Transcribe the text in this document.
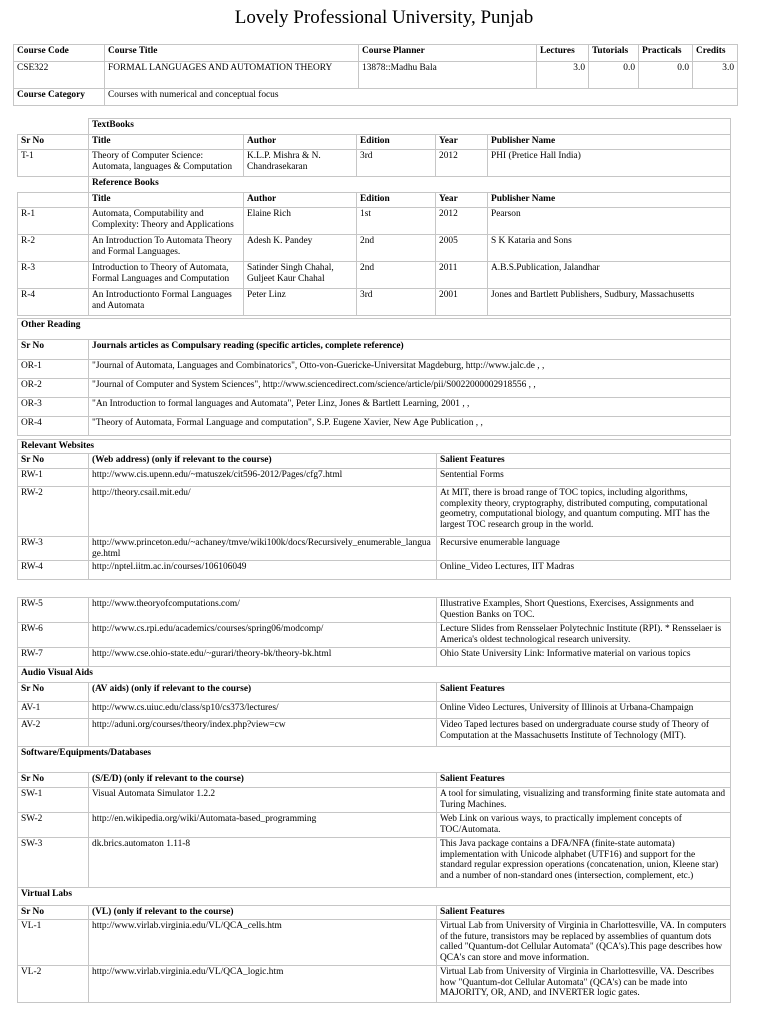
Lovely Professional University, Punjab
Course Code	Course Title	Course Planner	Lectures	Tutorials	Practicals	Credits
CSE322	FORMAL LANGUAGES AND AUTOMATION THEORY	13878::Madhu Bala	3.0	0.0	0.0	3.0
Course Category	Courses with numerical and conceptual focus					
	TextBooks				
Sr No	Title	Author	Edition	Year	Publisher Name
T-1	Theory of Computer Science: Automata, languages & Computation	K.L.P. Mishra & N. Chandrasekaran	3rd	2012	PHI (Pretice Hall India)
	Reference Books				
	Title	Author	Edition	Year	Publisher Name
R-1	Automata, Computability and Complexity: Theory and Applications	Elaine Rich	1st	2012	Pearson
R-2	An Introduction To Automata Theory and Formal Languages.	Adesh K. Pandey	2nd	2005	S K Kataria and Sons
R-3	Introduction to Theory of Automata, Formal Languages and Computation	Satinder Singh Chahal, Guljeet Kaur Chahal	2nd	2011	A.B.S.Publication, Jalandhar
R-4	An Introductionto Formal Languages and Automata	Peter Linz	3rd	2001	Jones and Bartlett Publishers, Sudbury, Massachusetts
Other Reading	
Sr No	Journals articles as Compulsary reading (specific articles, complete reference)
OR-1	"Journal of Automata, Languages and Combinatorics", Otto-von-Guericke-Universitat Magdeburg, http://www.jalc.de , ,
OR-2	"Journal of Computer and System Sciences", http://www.sciencedirect.com/science/article/pii/S0022000002918556 , ,
OR-3	"An Introduction to formal languages and Automata", Peter Linz, Jones & Bartlett Learning, 2001 , ,
OR-4	"Theory of Automata, Formal Language and computation", S.P. Eugene Xavier, New Age Publication , ,
Relevant Websites		
Sr No	(Web address) (only if relevant to the course)	Salient Features
RW-1	http://www.cis.upenn.edu/~matuszek/cit596-2012/Pages/cfg7.html	Sentential Forms
RW-2	http://theory.csail.mit.edu/	At MIT, there is broad range of TOC topics, including algorithms, complexity theory, cryptography, distributed computing, computational geometry, computational biology, and quantum computing. MIT has the largest TOC research group in the world.
RW-3	http://www.princeton.edu/~achaney/tmve/wiki100k/docs/Recursively_enumerable_language.html	Recursive enumerable language
RW-4	http://nptel.iitm.ac.in/courses/106106049	Online_Video Lectures, IIT Madras
RW-5	http://www.theoryofcomputations.com/	Illustrative Examples, Short Questions, Exercises, Assignments and Question Banks on TOC.
RW-6	http://www.cs.rpi.edu/academics/courses/spring06/modcomp/	Lecture Slides from Rensselaer Polytechnic Institute (RPI). * Rensselaer is America's oldest technological research university.
RW-7	http://www.cse.ohio-state.edu/~gurari/theory-bk/theory-bk.html	Ohio State University Link: Informative material on various topics
Audio Visual Aids		
Sr No	(AV aids) (only if relevant to the course)	Salient Features
AV-1	http://www.cs.uiuc.edu/class/sp10/cs373/lectures/	Online Video Lectures, University of Illinois at Urbana-Champaign
AV-2	http://aduni.org/courses/theory/index.php?view=cw	Video Taped lectures based on undergraduate course study of Theory of Computation at the Massachusetts Institute of Technology (MIT).
Software/Equipments/Databases		
Sr No	(S/E/D) (only if relevant to the course)	Salient Features
SW-1	Visual Automata Simulator 1.2.2	A tool for simulating, visualizing and transforming finite state automata and Turing Machines.
SW-2	http://en.wikipedia.org/wiki/Automata-based_programming	Web Link on various ways, to practically implement concepts of TOC/Automata.
SW-3	dk.brics.automaton 1.11-8	This Java package contains a DFA/NFA (finite-state automata) implementation with Unicode alphabet (UTF16) and support for the standard regular expression operations (concatenation, union, Kleene star) and a number of non-standard ones (intersection, complement, etc.)
Virtual Labs		
Sr No	(VL) (only if relevant to the course)	Salient Features
VL-1	http://www.virlab.virginia.edu/VL/QCA_cells.htm	Virtual Lab from University of Virginia in Charlottesville, VA. In computers of the future, transistors may be replaced by assemblies of quantum dots called "Quantum-dot Cellular Automata" (QCA's).This page describes how QCA's can store and move information.
VL-2	http://www.virlab.virginia.edu/VL/QCA_logic.htm	Virtual Lab from University of Virginia in Charlottesville, VA. Describes how "Quantum-dot Cellular Automata" (QCA's) can be made into MAJORITY, OR, AND, and INVERTER logic gates.
